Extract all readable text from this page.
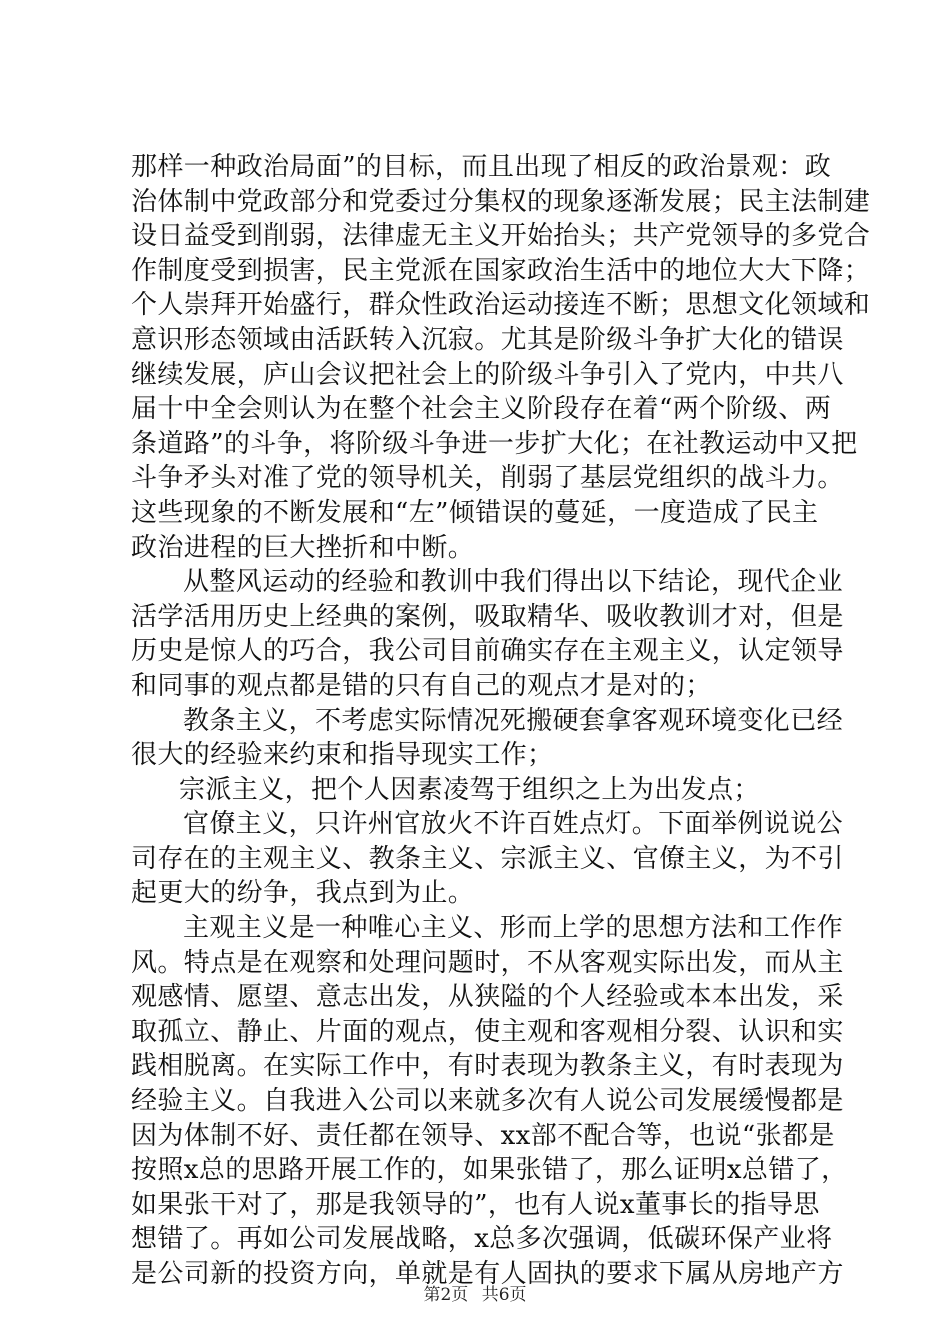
那样一种政治局面”的目标，而且出现了相反的政治景观：政
治体制中党政部分和党委过分集权的现象逐渐发展；民主法制建
设日益受到削弱，法律虚无主义开始抬头；共产党领导的多党合
作制度受到损害，民主党派在国家政治生活中的地位大大下降；
个人崇拜开始盛行，群众性政治运动接连不断；思想文化领域和
意识形态领域由活跃转入沉寂。尤其是阶级斗争扩大化的错误
继续发展，庐山会议把社会上的阶级斗争引入了党内，中共八
届十中全会则认为在整个社会主义阶段存在着“两个阶级、两
条道路”的斗争，将阶级斗争进一步扩大化；在社教运动中又把
斗争矛头对准了党的领导机关，削弱了基层党组织的战斗力。
这些现象的不断发展和“左”倾错误的蔓延，一度造成了民主
政治进程的巨大挫折和中断。
从整风运动的经验和教训中我们得出以下结论，现代企业
活学活用历史上经典的案例，吸取精华、吸收教训才对，但是
历史是惊人的巧合，我公司目前确实存在主观主义，认定领导
和同事的观点都是错的只有自己的观点才是对的；
教条主义，不考虑实际情况死搬硬套拿客观环境变化已经
很大的经验来约束和指导现实工作；
宗派主义，把个人因素凌驾于组织之上为出发点；
官僚主义，只许州官放火不许百姓点灯。下面举例说说公
司存在的主观主义、教条主义、宗派主义、官僚主义，为不引
起更大的纷争，我点到为止。
主观主义是一种唯心主义、形而上学的思想方法和工作作
风。特点是在观察和处理问题时，不从客观实际出发，而从主
观感情、愿望、意志出发，从狭隘的个人经验或本本出发，采
取孤立、静止、片面的观点，使主观和客观相分裂、认识和实
践相脱离。在实际工作中，有时表现为教条主义，有时表现为
经验主义。自我进入公司以来就多次有人说公司发展缓慢都是
因为体制不好、责任都在领导、xx部不配合等，也说“张都是
按照x总的思路开展工作的，如果张错了，那么证明x总错了，
如果张干对了，那是我领导的”，也有人说x董事长的指导思
想错了。再如公司发展战略，x总多次强调，低碳环保产业将
是公司新的投资方向，单就是有人固执的要求下属从房地产方
第2页 共6页
